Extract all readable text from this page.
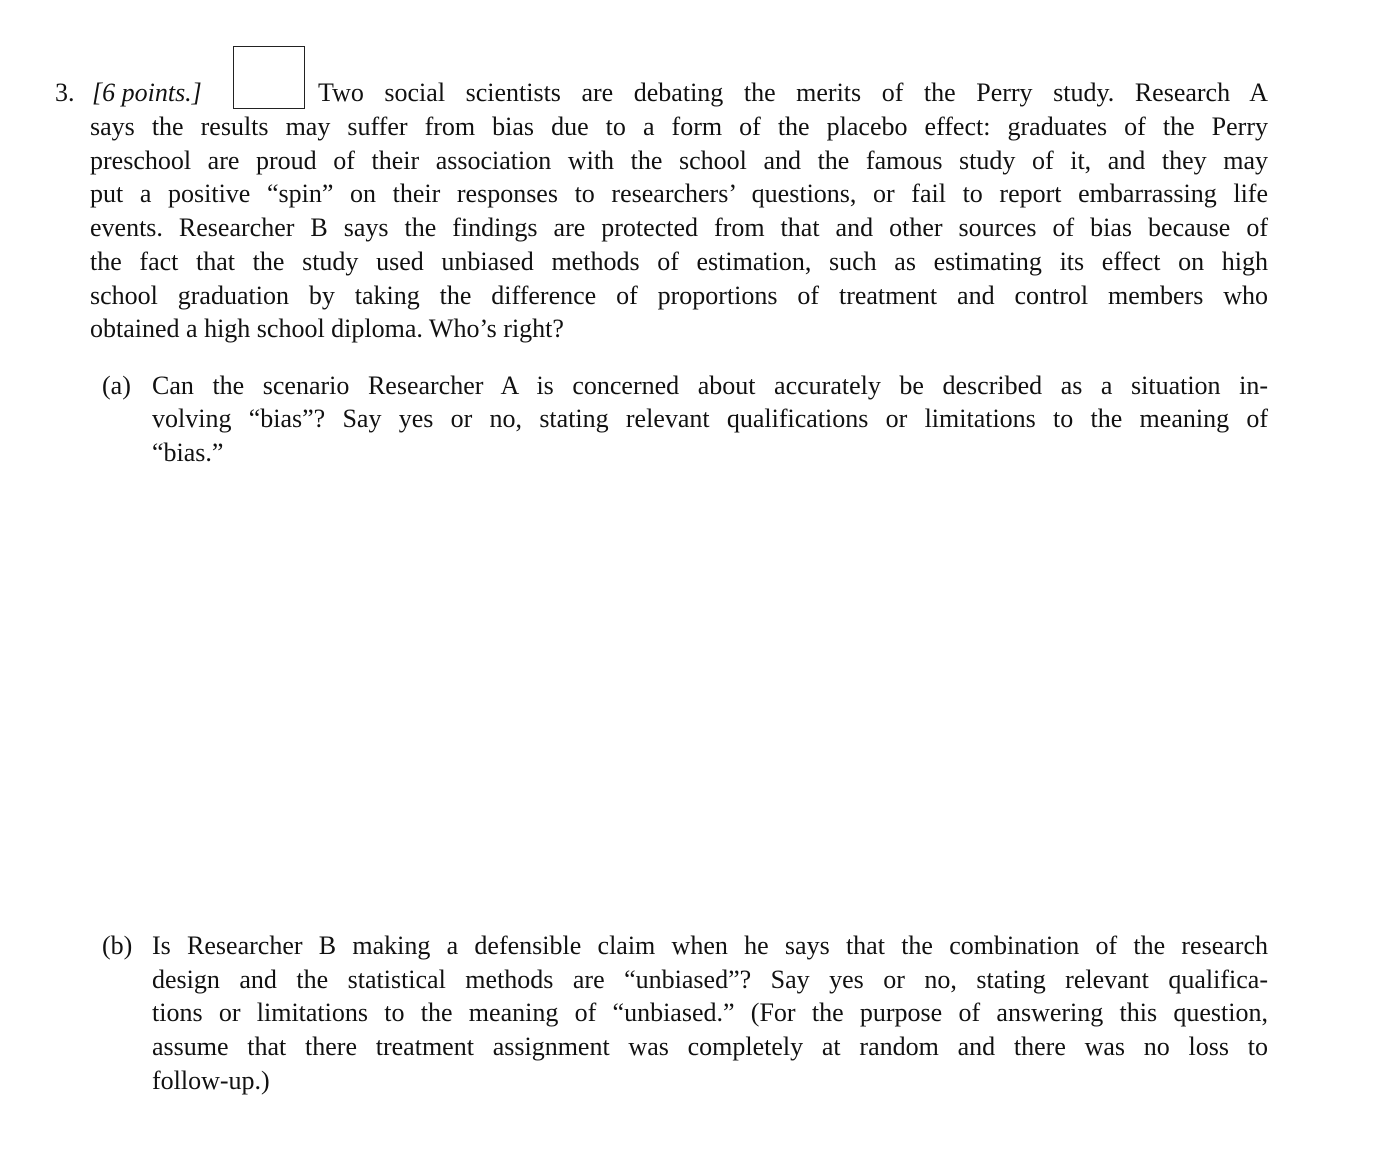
3. [6 points.]	Two social scientists are debating the merits of the Perry study. Research A
says the results may suffer from bias due to a form of the placebo effect: graduates of the Perry
preschool are proud of their association with the school and the famous study of it, and they may
put a positive “spin” on their responses to researchers’ questions, or fail to report embarrassing life
events. Researcher B says the findings are protected from that and other sources of bias because of
the fact that the study used unbiased methods of estimation, such as estimating its effect on high
school graduation by taking the difference of proportions of treatment and control members who
obtained a high school diploma. Who’s right?
(a) Can the scenario Researcher A is concerned about accurately be described as a situation in-
volving “bias”? Say yes or no, stating relevant qualifications or limitations to the meaning of
“bias.”
(b) Is Researcher B making a defensible claim when he says that the combination of the research
design and the statistical methods are “unbiased”? Say yes or no, stating relevant qualifica-
tions or limitations to the meaning of “unbiased.” (For the purpose of answering this question,
assume that there treatment assignment was completely at random and there was no loss to
follow-up.)
